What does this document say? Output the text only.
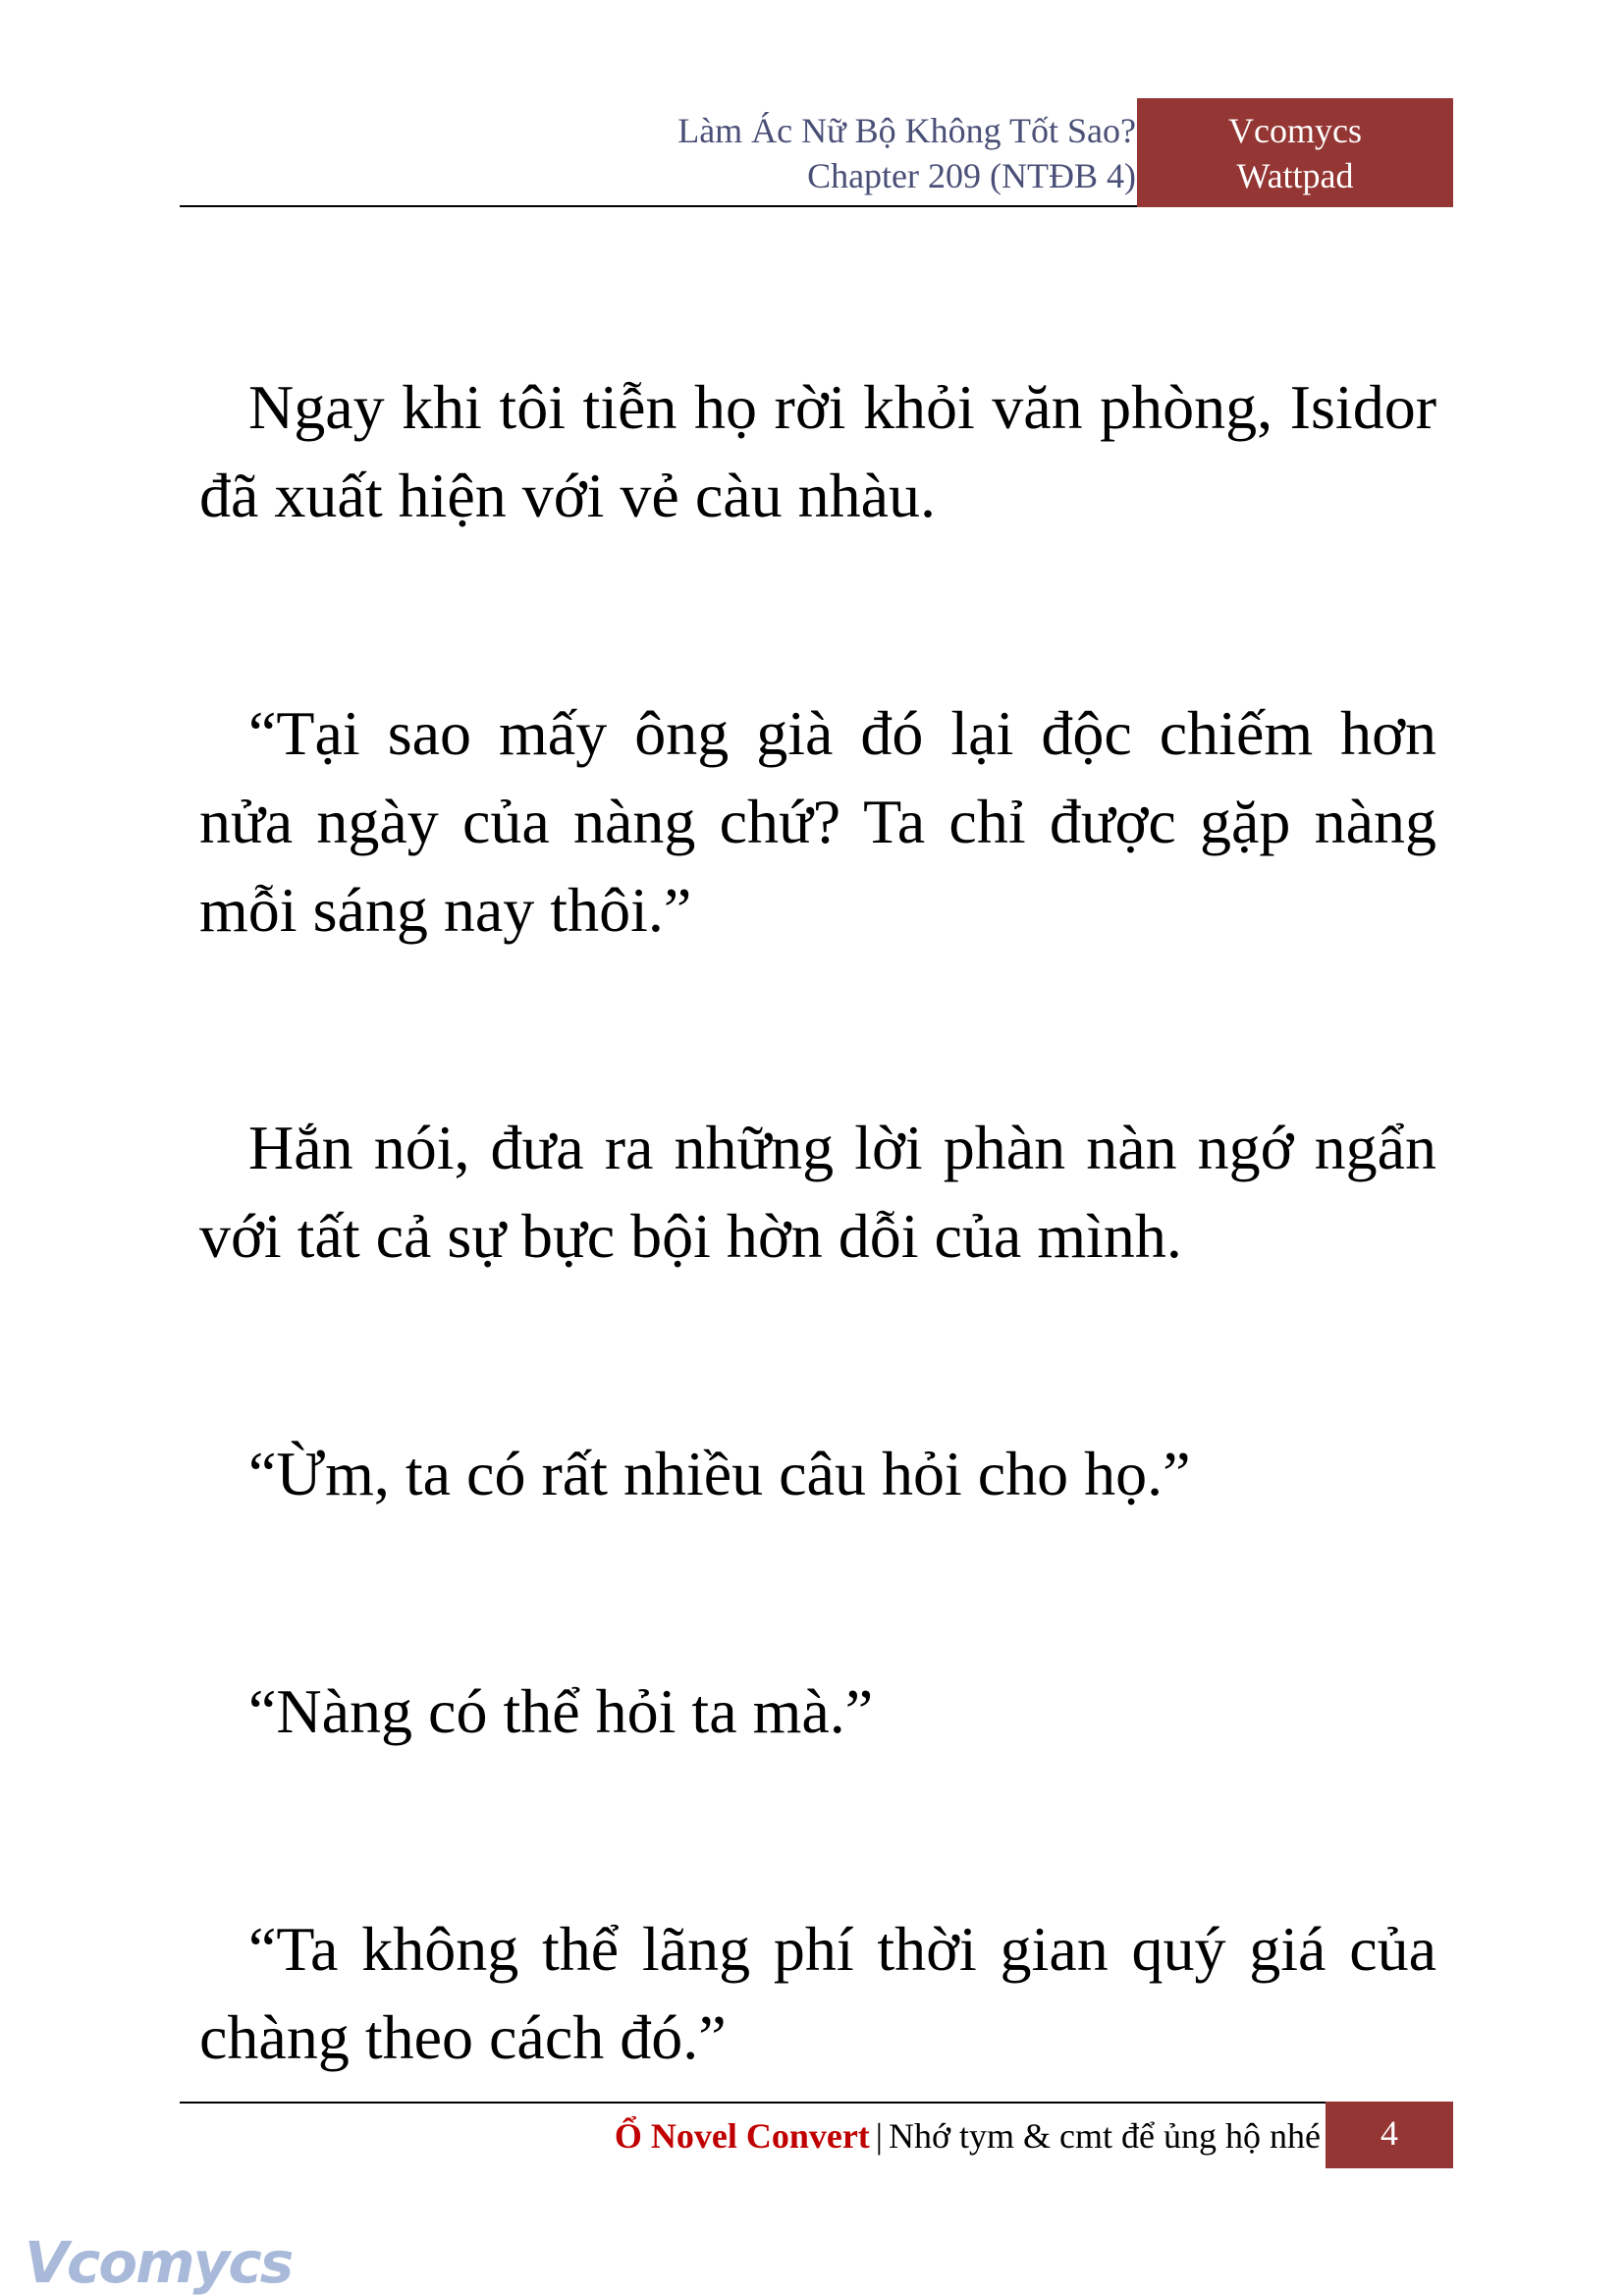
Làm Ác Nữ Bộ Không Tốt Sao?
Chapter 209 (NTĐB 4)
Vcomycs
Wattpad

Ngay khi tôi tiễn họ rời khỏi văn phòng, Isidor đã xuất hiện với vẻ càu nhàu.

“Tại sao mấy ông già đó lại độc chiếm hơn nửa ngày của nàng chứ? Ta chỉ được gặp nàng mỗi sáng nay thôi.”

Hắn nói, đưa ra những lời phàn nàn ngớ ngẩn với tất cả sự bực bội hờn dỗi của mình.

“Ừm, ta có rất nhiều câu hỏi cho họ.”

“Nàng có thể hỏi ta mà.”

“Ta không thể lãng phí thời gian quý giá của chàng theo cách đó.”

Ổ Novel Convert | Nhớ tym & cmt để ủng hộ nhé	4
Vcomycs
